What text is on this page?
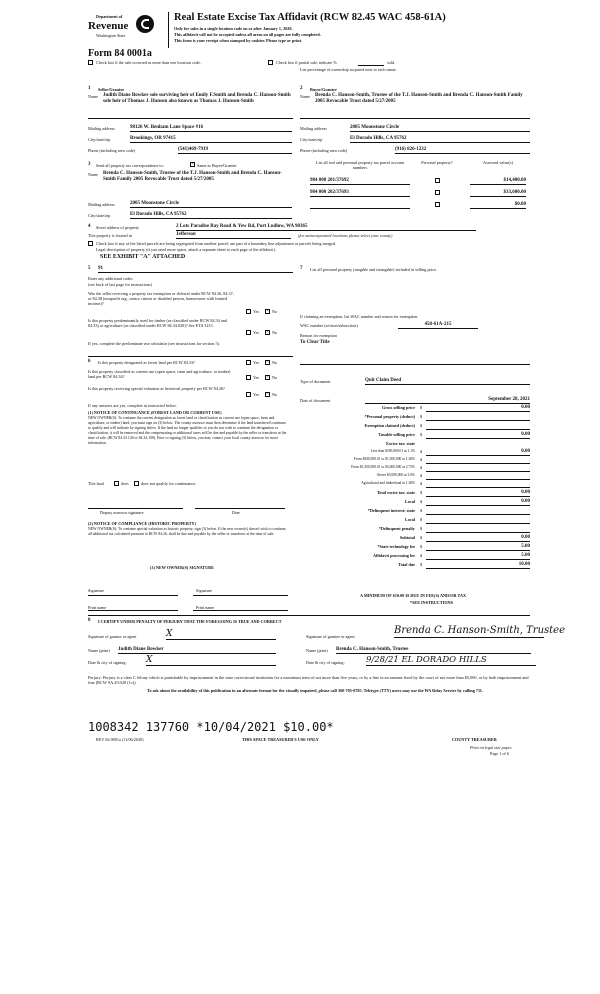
Department of
Revenue
Washington State
Form 84 0001a
Real Estate Excise Tax Affidavit (RCW 82.45 WAC 458-61A)
Only for sales in a single location code on or after January 1, 2020.
This affidavit will not be accepted unless all areas on all pages are fully completed.
This form is your receipt when stamped by cashier. Please type or print.
Check box if the sale occurred in more than one location code.	Check box if partial sale, indicate %	sold.
List percentage of ownership acquired next to each name.
1 Seller/Grantor
Name Judith Diane Bowker sole surviving heir of Emily F.Smith and Brenda C. Hanson-Smith sole heir of Thomas J. Hanson also known as Thomas J. Hanson-Smith
Mailing address	98126 W. Benham Lane Space #16
City/state/zip	Brookings, OR 97415
Phone (including area code)	(541)469-7919
2 Buyer/Grantee
Name Brenda C. Hanson-Smith, Trustee of the T.J. Hanson-Smith and Brenda C. Hanson-Smith Family 2005 Revocable Trust dated 5/27/2005
Mailing address	2005 Moonstone Circle
City/state/zip	El Dorado Hills, CA 95762
Phone (including area code)	(916) 826-1232
3 Send all property tax correspondence to:	× Same as Buyer/Grantee
Name Brenda C. Hanson-Smith, Trustee of the T.J. Hanson-Smith and Brenda C. Hanson-Smith Family 2005 Revocable Trust dated 5/27/2005
Mailing address	2005 Moonstone Circle
City/state/zip	El Dorado Hills, CA 95762
List all real and personal property tax parcel account numbers
Personal property?	Assessed value(s)
984 000 201/37692	$14,400.00
984 000 202/37693	$33,600.00
$0.00
4 Street address of property	2 Lots Paradise Bay Road & Yew Rd, Port Ludlow, WA 98365
This property is located in	Jefferson	(for unincorporated locations please select your county)
Check box if any of the listed parcels are being segregated from another parcel, are part of a boundary line adjustment or parcels being merged.
Legal description of property (if you need more space, attach a separate sheet to each page of the affidavit).
SEE EXHIBIT "A" ATTACHED
5 91
Enter any additional codes
(see back of last page for instructions)
Was the seller receiving a property tax exemption or deferral under RCW 84.36, 84.37, or 84.38 (nonprofit org., senior citizen or disabled person, homeowner with limited income)?
Yes × No
Is this property predominantly used for timber (as classified under RCW 84.34 and 84.33) or agriculture (as classified under RCW 84.34.020)? See ETA 3215.
Yes × No
If yes, complete the predominate use calculator (see instructions for section 5).
6 Is this property designated as forest land per RCW 84.33?	Yes × No
Is this property classified as current use (open space, farm and agriculture, or timber) land per RCW 84.34?	Yes × No
Is this property receiving special valuation as historical property per RCW 84.26?
Yes × No
If any answers are yes, complete as instructed below.
(1) NOTICE OF CONTINUANCE (FOREST LAND OR CURRENT USE)
NEW OWNER(S): To continue the current designation as forest land or classification as current use (open space, farm and agriculture, or timber) land, you must sign on (3) below. The county assessor must then determine if the land transferred continues to qualify and will indicate by signing below. If the land no longer qualifies or you do not wish to continue the designation or classification, it will be removed and the compensating or additional taxes will be due and payable by the seller or transferor at the time of sale. (RCW 84.33.140 or 84.34.108). Prior to signing (3) below, you may contact your local county assessor for more information.
This land	does	does not qualify for continuance.
Deputy assessor signature	Date
(2) NOTICE OF COMPLIANCE (HISTORIC PROPERTY)
NEW OWNER(S): To continue special valuation as historic property, sign (3) below. If the new owner(s) doesn't wish to continue, all additional tax calculated pursuant to RCW 84.26, shall be due and payable by the seller or transferor at the time of sale.
(3) NEW OWNER(S) SIGNATURE
Signature	Signature
Print name	Print name
7 List all personal property (tangible and intangible) included in selling price.
If claiming an exemption, list WAC number and reason for exemption.
WAC number (section/subsection)	458-61A-215
Reason for exemption
To Clear Title
Type of document	Quit Claim Deed
Date of document	September 28, 2021
Gross selling price $	0.00
*Personal property (deduct) $
Exemption claimed (deduct) $
Taxable selling price $	0.00
Excise tax: state
Less than $500,000.01 at 1.1% $	0.00
From $500,000.01 to $1,500,000 at 1.28% $
From $1,500,000.01 to $3,000,000 at 2.75% $
Above $3,000,000 at 3.0% $
Agricultural and timberland at 1.28% $
Total excise tax: state $	0.00
Local $	0.00
*Delinquent interest: state $
Local $
*Delinquent penalty $
Subtotal $	0.00
*State technology fee $	5.00
Affidavit processing fee $	5.00
Total due $	10.00
A MINIMUM OF $10.00 IS DUE IN FEE(S) AND/OR TAX
*SEE INSTRUCTIONS
8 I CERTIFY UNDER PENALTY OF PERJURY THAT THE FOREGOING IS TRUE AND CORRECT
Signature of grantor or agent	X
Name (print) Judith Diane Bowker
Date & city of signing: X
Signature of grantee or agent
Brenda C. Hanson-Smith, Trustee
Name (print) Brenda C. Hanson-Smith, Trustee
Date & city of signing:	9/28/21 EL DORADO HILLS
Perjury: Perjury is a class C felony which is punishable by imprisonment in the state correctional institution for a maximum term of not more than five years, or by a fine in an amount fixed by the court of not more than $5,000, or by both imprisonment and fine (RCW 9A.20.020 (1c)).
To ask about the availability of this publication in an alternate format for the visually impaired, please call 360-705-6705. Teletype (TTY) users may use the WA Relay Service by calling 711.
1008342 137760 *10/04/2021 $10.00*
REV 84 0001a (11/06/2020)	THIS SPACE TREASURER'S USE ONLY	COUNTY TREASURER
Print on legal size paper.
Page 1 of 6
